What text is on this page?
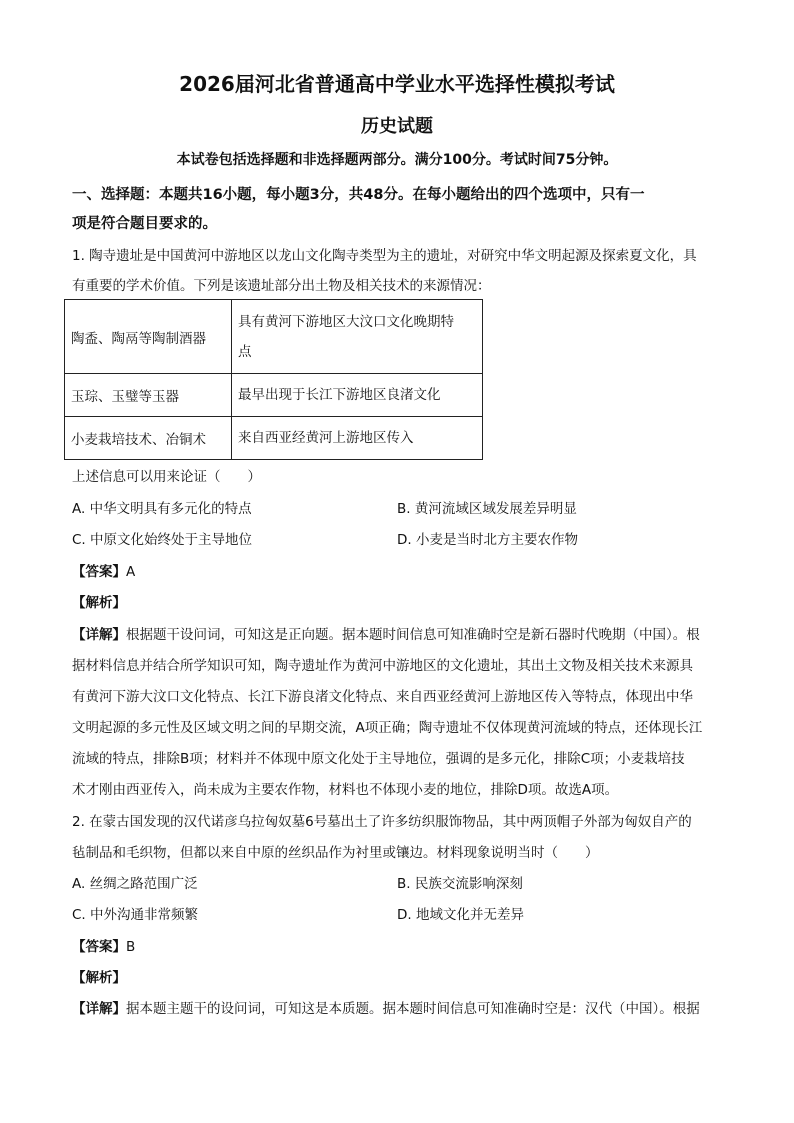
2026届河北省普通高中学业水平选择性模拟考试
历史试题
本试卷包括选择题和非选择题两部分。满分100分。考试时间75分钟。
一、选择题：本题共16小题，每小题3分，共48分。在每小题给出的四个选项中，只有一
项是符合题目要求的。
1. 陶寺遗址是中国黄河中游地区以龙山文化陶寺类型为主的遗址，对研究中华文明起源及探索夏文化，具
有重要的学术价值。下列是该遗址部分出土物及相关技术的来源情况：
陶盉、陶鬲等陶制酒器	具有黄河下游地区大汶口文化晚期特
点
玉琮、玉璧等玉器	最早出现于长江下游地区良渚文化
小麦栽培技术、冶铜术	来自西亚经黄河上游地区传入
上述信息可以用来论证（　　）
A. 中华文明具有多元化的特点	B. 黄河流域区域发展差异明显
C. 中原文化始终处于主导地位	D. 小麦是当时北方主要农作物
【答案】A
【解析】
【详解】根据题干设问词，可知这是正向题。据本题时间信息可知准确时空是新石器时代晚期（中国）。根
据材料信息并结合所学知识可知，陶寺遗址作为黄河中游地区的文化遗址，其出土文物及相关技术来源具
有黄河下游大汶口文化特点、长江下游良渚文化特点、来自西亚经黄河上游地区传入等特点，体现出中华
文明起源的多元性及区域文明之间的早期交流，A项正确；陶寺遗址不仅体现黄河流域的特点，还体现长江
流域的特点，排除B项；材料并不体现中原文化处于主导地位，强调的是多元化，排除C项；小麦栽培技
术才刚由西亚传入，尚未成为主要农作物，材料也不体现小麦的地位，排除D项。故选A项。
2. 在蒙古国发现的汉代诺彦乌拉匈奴墓6号墓出土了许多纺织服饰物品，其中两顶帽子外部为匈奴自产的
毡制品和毛织物，但都以来自中原的丝织品作为衬里或镶边。材料现象说明当时（　　）
A. 丝绸之路范围广泛	B. 民族交流影响深刻
C. 中外沟通非常频繁	D. 地域文化并无差异
【答案】B
【解析】
【详解】据本题主题干的设问词，可知这是本质题。据本题时间信息可知准确时空是：汉代（中国）。根据
